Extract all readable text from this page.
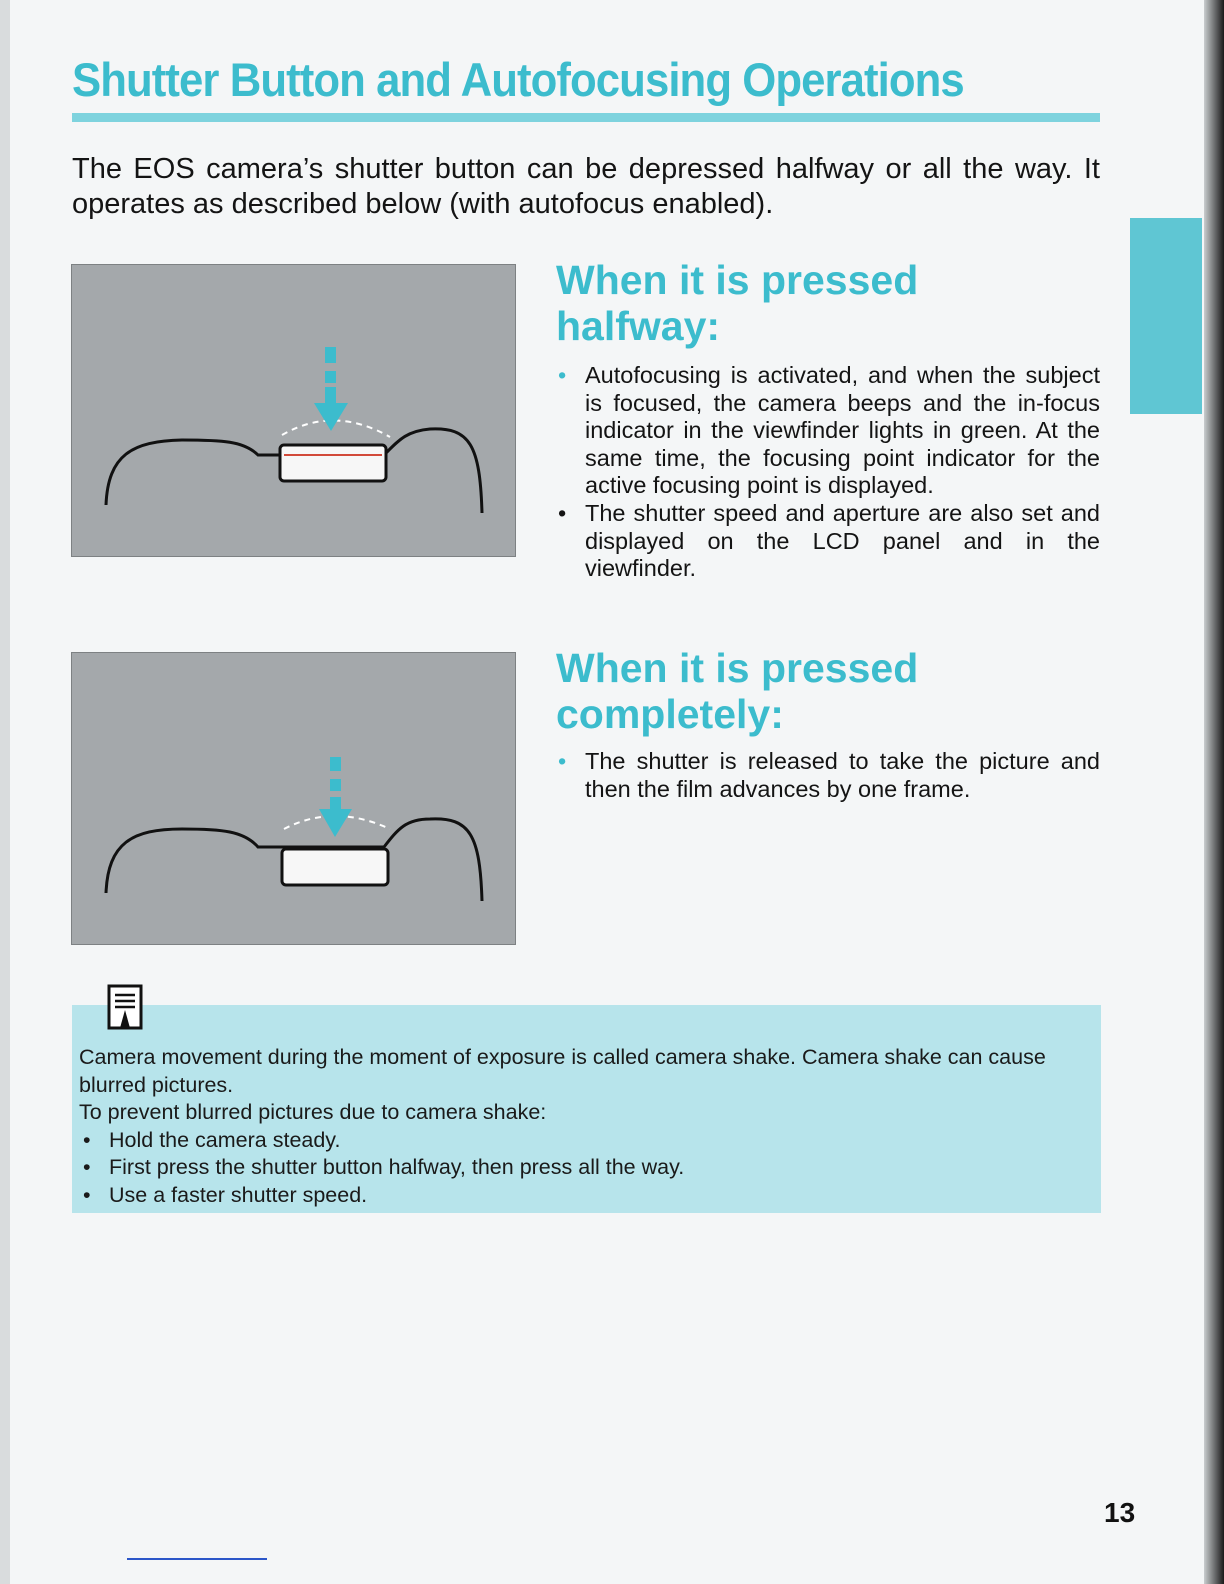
Shutter Button and Autofocusing Operations

The EOS camera’s shutter button can be depressed halfway or all the way. It operates as described below (with autofocus enabled).

When it is pressed
halfway:
• Autofocusing is activated, and when the subject is focused, the camera beeps and the in-focus indicator in the viewfinder lights in green. At the same time, the focusing point indicator for the active focusing point is displayed.
• The shutter speed and aperture are also set and displayed on the LCD panel and in the viewfinder.
When it is pressed
completely:
• The shutter is released to take the picture and then the film advances by one frame.

Camera movement during the moment of exposure is called camera shake. Camera shake can cause blurred pictures.

To prevent blurred pictures due to camera shake:

• Hold the camera steady.
• First press the shutter button halfway, then press all the way.
• Use a faster shutter speed.

13
